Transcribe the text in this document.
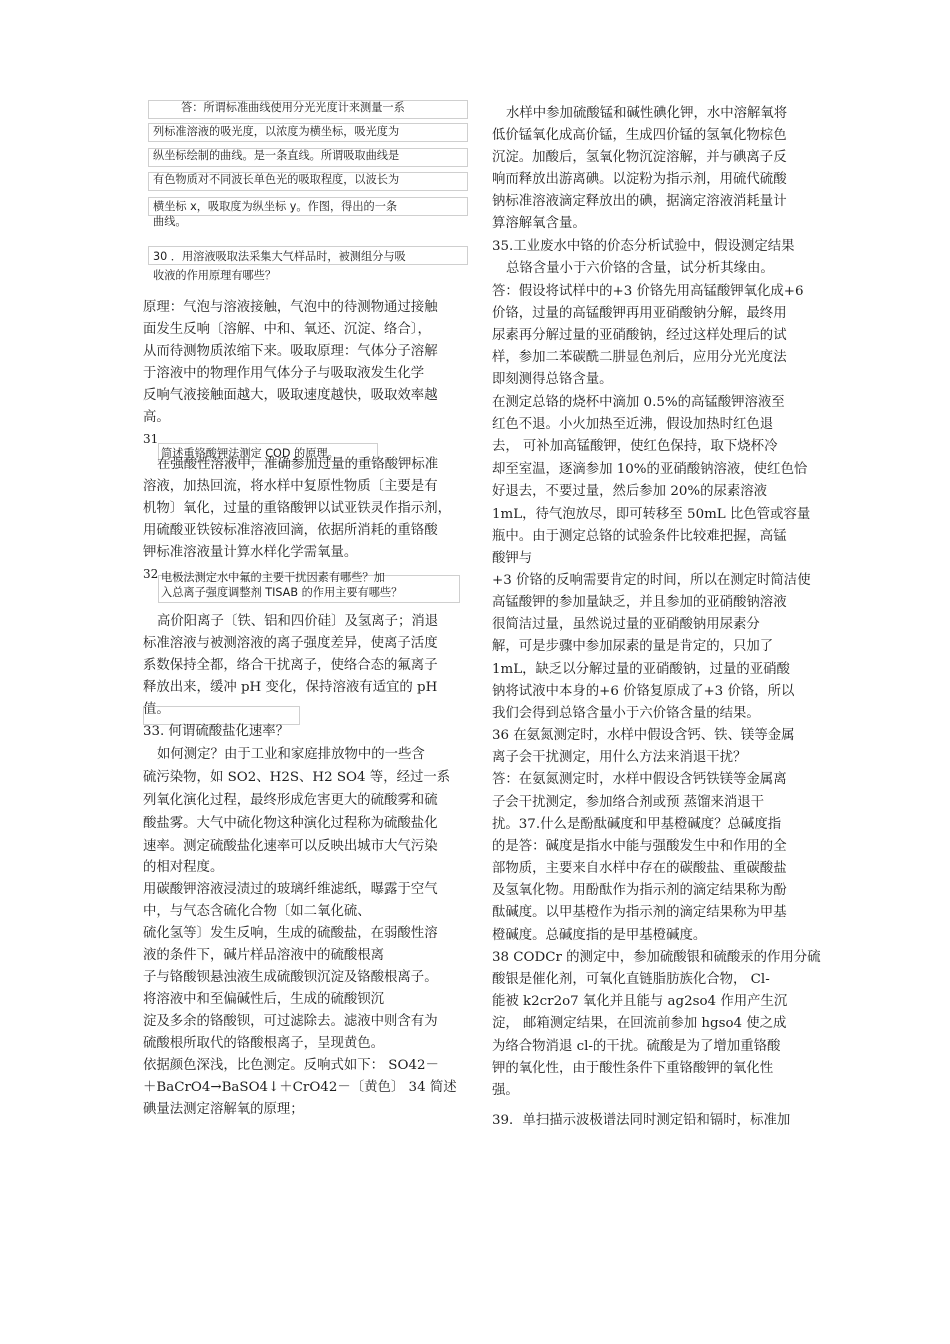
答：所谓标准曲线使用分光光度计来测量一系
列标准溶液的吸光度，以浓度为横坐标，吸光度为
纵坐标绘制的曲线。是一条直线。所谓吸取曲线是
有色物质对不同波长单色光的吸取程度，以波长为
横坐标 x，吸取度为纵坐标 y。作图，得出的一条
曲线。
30 ．用溶液吸取法采集大气样品时，被测组分与吸
收液的作用原理有哪些？
原理：气泡与溶液接触，气泡中的待测物通过接触
面发生反响〔溶解、中和、氧还、沉淀、络合〕，
从而待测物质浓缩下来。吸取原理：气体分子溶解
于溶液中的物理作用气体分子与吸取液发生化学
反响气液接触面越大，吸取速度越快，吸取效率越
高。
31
简述重铬酸钾法测定 COD 的原理。
在强酸性溶液中，准确参加过量的重铬酸钾标准
溶液，加热回流，将水样中复原性物质〔主要是有
机物〕氧化，过量的重铬酸钾以试亚铁灵作指示剂，
用硫酸亚铁铵标准溶液回滴，依据所消耗的重铬酸
钾标准溶液量计算水样化学需氧量。
32 电极法测定水中氟的主要干扰因素有哪些？加
入总离子强度调整剂 TISAB 的作用主要有哪些？
高价阳离子〔铁、铝和四价硅〕及氢离子；消退
标准溶液与被测溶液的离子强度差异，使离子活度
系数保持全都，络合干扰离子，使络合态的氟离子
释放出来，缓冲 pH 变化，保持溶液有适宜的 pH
值。
33. 何谓硫酸盐化速率？
如何测定？由于工业和家庭排放物中的一些含
硫污染物，如 SO2、H2S、H2 SO4 等，经过一系
列氧化演化过程，最终形成危害更大的硫酸雾和硫
酸盐雾。大气中硫化物这种演化过程称为硫酸盐化
速率。测定硫酸盐化速率可以反映出城市大气污染
的相对程度。
用碳酸钾溶液浸渍过的玻璃纤维滤纸，曝露于空气
中，与气态含硫化合物〔如二氧化硫、
硫化氢等〕发生反响，生成的硫酸盐，在弱酸性溶
液的条件下，碱片样品溶液中的硫酸根离
子与铬酸钡悬浊液生成硫酸钡沉淀及铬酸根离子。
将溶液中和至偏碱性后，生成的硫酸钡沉
淀及多余的铬酸钡，可过滤除去。滤液中则含有为
硫酸根所取代的铬酸根离子，呈现黄色。
依据颜色深浅，比色测定。反响式如下： SO42－
＋BaCrO4→BaSO4↓＋CrO42－〔黄色〕 34 简述
碘量法测定溶解氧的原理；
水样中参加硫酸锰和碱性碘化钾，水中溶解氧将
低价锰氧化成高价锰，生成四价锰的氢氧化物棕色
沉淀。加酸后，氢氧化物沉淀溶解，并与碘离子反
响而释放出游离碘。以淀粉为指示剂，用硫代硫酸
钠标准溶液滴定释放出的碘，据滴定溶液消耗量计
算溶解氧含量。
35.工业废水中铬的价态分析试验中，假设测定结果
总铬含量小于六价铬的含量，试分析其缘由。
答：假设将试样中的+3 价铬先用高锰酸钾氧化成+6
价铬，过量的高锰酸钾再用亚硝酸钠分解，最终用
尿素再分解过量的亚硝酸钠，经过这样处理后的试
样，参加二苯碳酰二肼显色剂后，应用分光光度法
即刻测得总铬含量。
在测定总铬的烧杯中滴加 0.5%的高锰酸钾溶液至
红色不退。小火加热至近沸，假设加热时红色退
去， 可补加高锰酸钾，使红色保持，取下烧杯冷
却至室温，逐滴参加 10%的亚硝酸钠溶液，使红色恰
好退去，不要过量，然后参加 20%的尿素溶液
1mL，待气泡放尽，即可转移至 50mL 比色管或容量
瓶中。由于测定总铬的试验条件比较难把握，高锰
酸钾与
+3 价铬的反响需要肯定的时间，所以在测定时简洁使
高锰酸钾的参加量缺乏，并且参加的亚硝酸钠溶液
很简洁过量，虽然说过量的亚硝酸钠用尿素分
解，可是步骤中参加尿素的量是肯定的，只加了
1mL，缺乏以分解过量的亚硝酸钠，过量的亚硝酸
钠将试液中本身的+6 价铬复原成了+3 价铬，所以
我们会得到总铬含量小于六价铬含量的结果。
36 在氨氮测定时，水样中假设含钙、铁、镁等金属
离子会干扰测定，用什么方法来消退干扰？
答：在氨氮测定时，水样中假设含钙铁镁等金属离
子会干扰测定，参加络合剂或预 蒸馏来消退干
扰。37.什么是酚酞碱度和甲基橙碱度？总碱度指
的是答：碱度是指水中能与强酸发生中和作用的全
部物质，主要来自水样中存在的碳酸盐、重碳酸盐
及氢氧化物。用酚酞作为指示剂的滴定结果称为酚
酞碱度。以甲基橙作为指示剂的滴定结果称为甲基
橙碱度。总碱度指的是甲基橙碱度。
38 CODCr 的测定中，参加硫酸银和硫酸汞的作用分硫
酸银是催化剂，可氧化直链脂肪族化合物， Cl-
能被 k2cr2o7 氧化并且能与 ag2so4 作用产生沉
淀， 邮箱测定结果，在回流前参加 hgso4 使之成
为络合物消退 cl-的干扰。硫酸是为了增加重铬酸
钾的氧化性，由于酸性条件下重铬酸钾的氧化性
强。
39．单扫描示波极谱法同时测定铅和镉时，标准加
